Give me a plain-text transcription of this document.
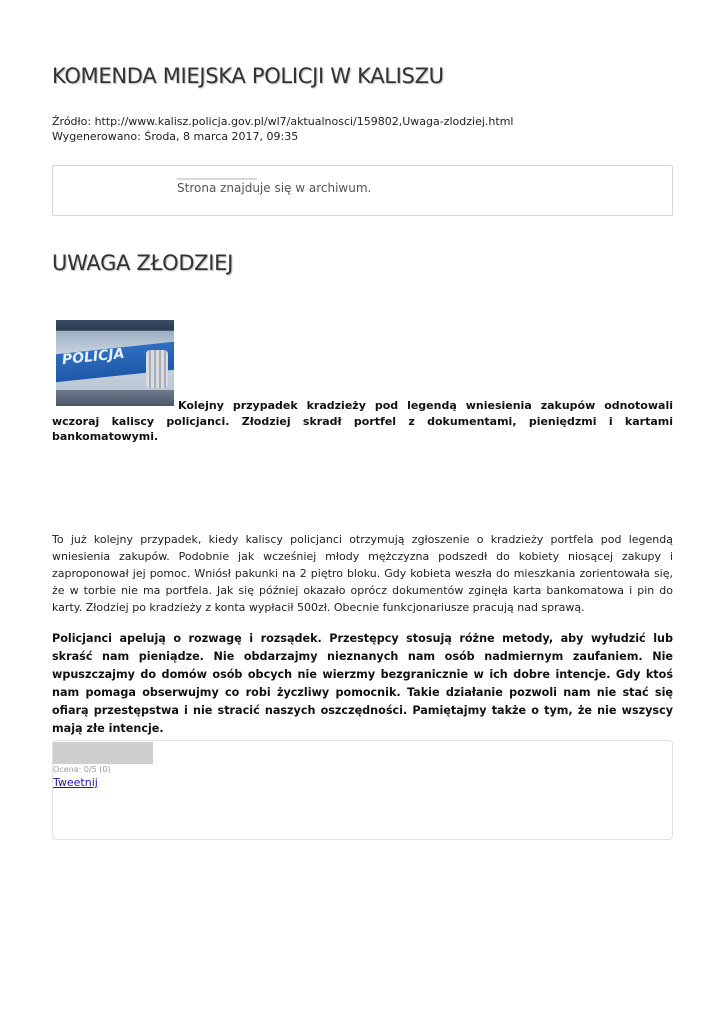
KOMENDA MIEJSKA POLICJI W KALISZU
Źródło: http://www.kalisz.policja.gov.pl/wl7/aktualnosci/159802,Uwaga-zlodziej.html
Wygenerowano: Środa, 8 marca 2017, 09:35
Strona znajduje się w archiwum.
UWAGA ZŁODZIEJ
POLICJA
Kolejny przypadek kradzieży pod legendą wniesienia zakupów odnotowali wczoraj kaliscy policjanci. Złodziej skradł portfel z dokumentami, pieniędzmi i kartami bankomatowymi.

To już kolejny przypadek, kiedy kaliscy policjanci otrzymują zgłoszenie o kradzieży portfela pod legendą wniesienia zakupów. Podobnie jak wcześniej młody mężczyzna podszedł do kobiety niosącej zakupy i zaproponował jej pomoc. Wniósł pakunki na 2 piętro bloku. Gdy kobieta weszła do mieszkania zorientowała się, że w torbie nie ma portfela. Jak się później okazało oprócz dokumentów zginęła karta bankomatowa i pin do karty. Złodziej po kradzieży z konta wypłacił 500zł. Obecnie funkcjonariusze pracują nad sprawą.

Policjanci apelują o rozwagę i rozsądek. Przestępcy stosują różne metody, aby wyłudzić lub skraść nam pieniądze. Nie obdarzajmy nieznanych nam osób nadmiernym zaufaniem. Nie wpuszczajmy do domów osób obcych nie wierzmy bezgranicznie w ich dobre intencje. Gdy ktoś nam pomaga obserwujmy co robi życzliwy pomocnik. Takie działanie pozwoli nam nie stać się ofiarą przestępstwa i nie stracić naszych oszczędności. Pamiętajmy także o tym, że nie wszyscy mają złe intencje.

Ocena: 0/5 (0)
Tweetnij
